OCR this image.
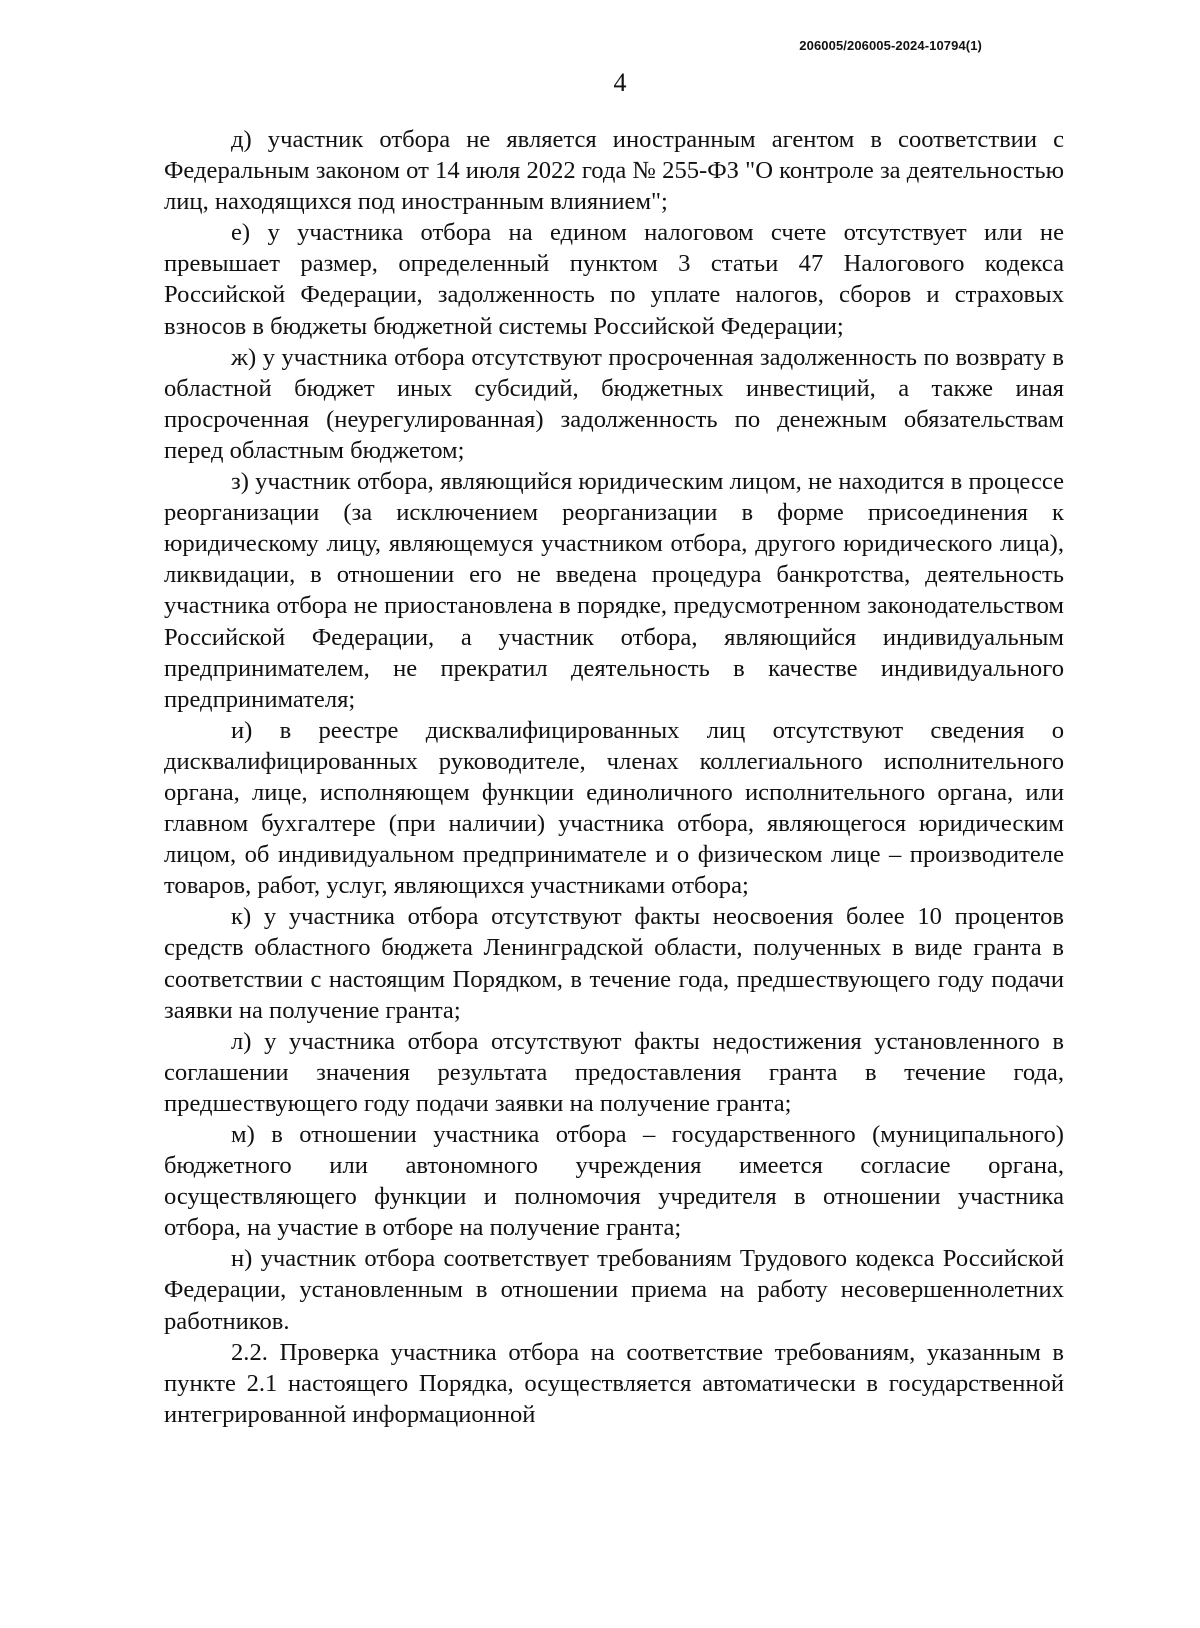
206005/206005-2024-10794(1)
4

д) участник отбора не является иностранным агентом в соответствии с Федеральным законом от 14 июля 2022 года № 255-ФЗ "О контроле за деятельностью лиц, находящихся под иностранным влиянием";

е) у участника отбора на едином налоговом счете отсутствует или не превышает размер, определенный пунктом 3 статьи 47 Налогового кодекса Российской Федерации, задолженность по уплате налогов, сборов и страховых взносов в бюджеты бюджетной системы Российской Федерации;

ж) у участника отбора отсутствуют просроченная задолженность по возврату в областной бюджет иных субсидий, бюджетных инвестиций, а также иная просроченная (неурегулированная) задолженность по денежным обязательствам перед областным бюджетом;

з) участник отбора, являющийся юридическим лицом, не находится в процессе реорганизации (за исключением реорганизации в форме присоединения к юридическому лицу, являющемуся участником отбора, другого юридического лица), ликвидации, в отношении его не введена процедура банкротства, деятельность участника отбора не приостановлена в порядке, предусмотренном законодательством Российской Федерации, а участник отбора, являющийся индивидуальным предпринимателем, не прекратил деятельность в качестве индивидуального предпринимателя;

и) в реестре дисквалифицированных лиц отсутствуют сведения о дисквалифицированных руководителе, членах коллегиального исполнительного органа, лице, исполняющем функции единоличного исполнительного органа, или главном бухгалтере (при наличии) участника отбора, являющегося юридическим лицом, об индивидуальном предпринимателе и о физическом лице – производителе товаров, работ, услуг, являющихся участниками отбора;

к) у участника отбора отсутствуют факты неосвоения более 10 процентов средств областного бюджета Ленинградской области, полученных в виде гранта в соответствии с настоящим Порядком, в течение года, предшествующего году подачи заявки на получение гранта;

л) у участника отбора отсутствуют факты недостижения установленного в соглашении значения результата предоставления гранта в течение года, предшествующего году подачи заявки на получение гранта;

м) в отношении участника отбора – государственного (муниципального) бюджетного или автономного учреждения имеется согласие органа, осуществляющего функции и полномочия учредителя в отношении участника отбора, на участие в отборе на получение гранта;

н) участник отбора соответствует требованиям Трудового кодекса Российской Федерации, установленным в отношении приема на работу несовершеннолетних работников.

2.2. Проверка участника отбора на соответствие требованиям, указанным в пункте 2.1 настоящего Порядка, осуществляется автоматически в государственной интегрированной информационной
